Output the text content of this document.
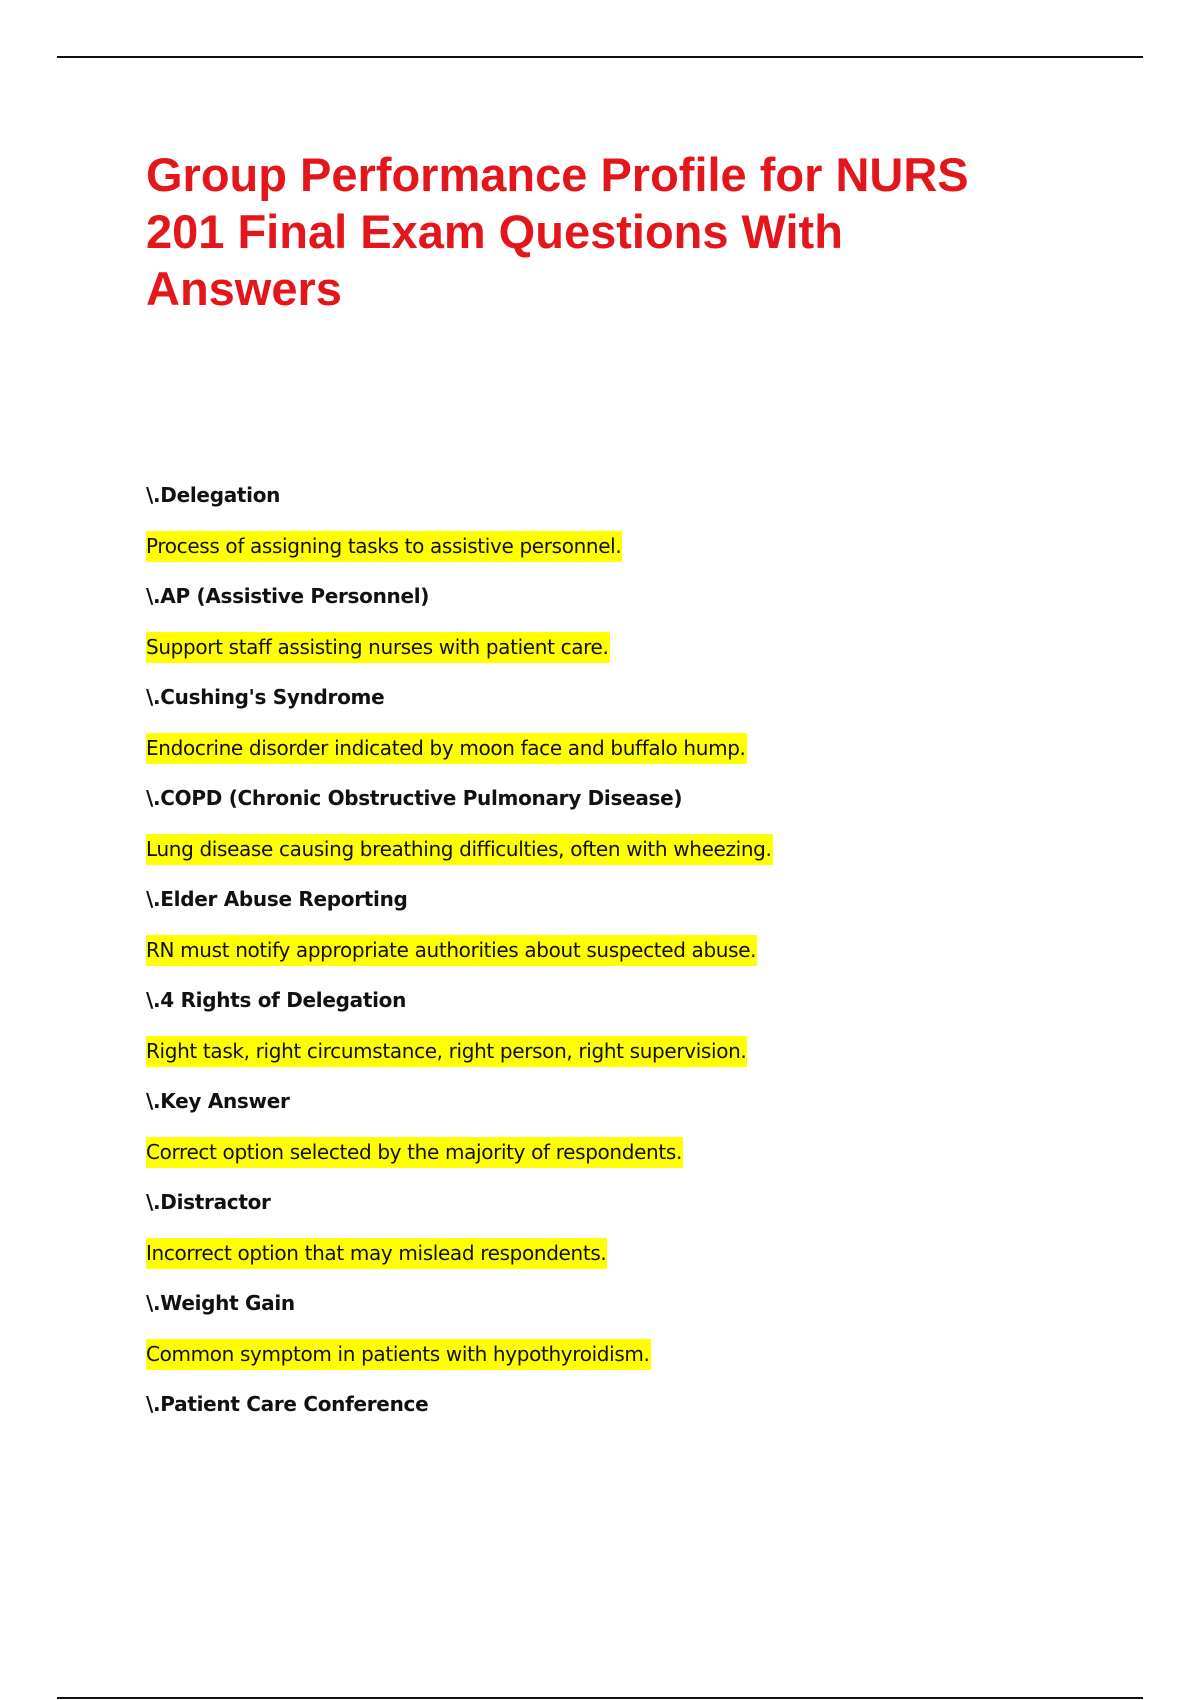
Group Performance Profile for NURS 201 Final Exam Questions With Answers
\.Delegation
Process of assigning tasks to assistive personnel.
\.AP (Assistive Personnel)
Support staff assisting nurses with patient care.
\.Cushing's Syndrome
Endocrine disorder indicated by moon face and buffalo hump.
\.COPD (Chronic Obstructive Pulmonary Disease)
Lung disease causing breathing difficulties, often with wheezing.
\.Elder Abuse Reporting
RN must notify appropriate authorities about suspected abuse.
\.4 Rights of Delegation
Right task, right circumstance, right person, right supervision.
\.Key Answer
Correct option selected by the majority of respondents.
\.Distractor
Incorrect option that may mislead respondents.
\.Weight Gain
Common symptom in patients with hypothyroidism.
\.Patient Care Conference
